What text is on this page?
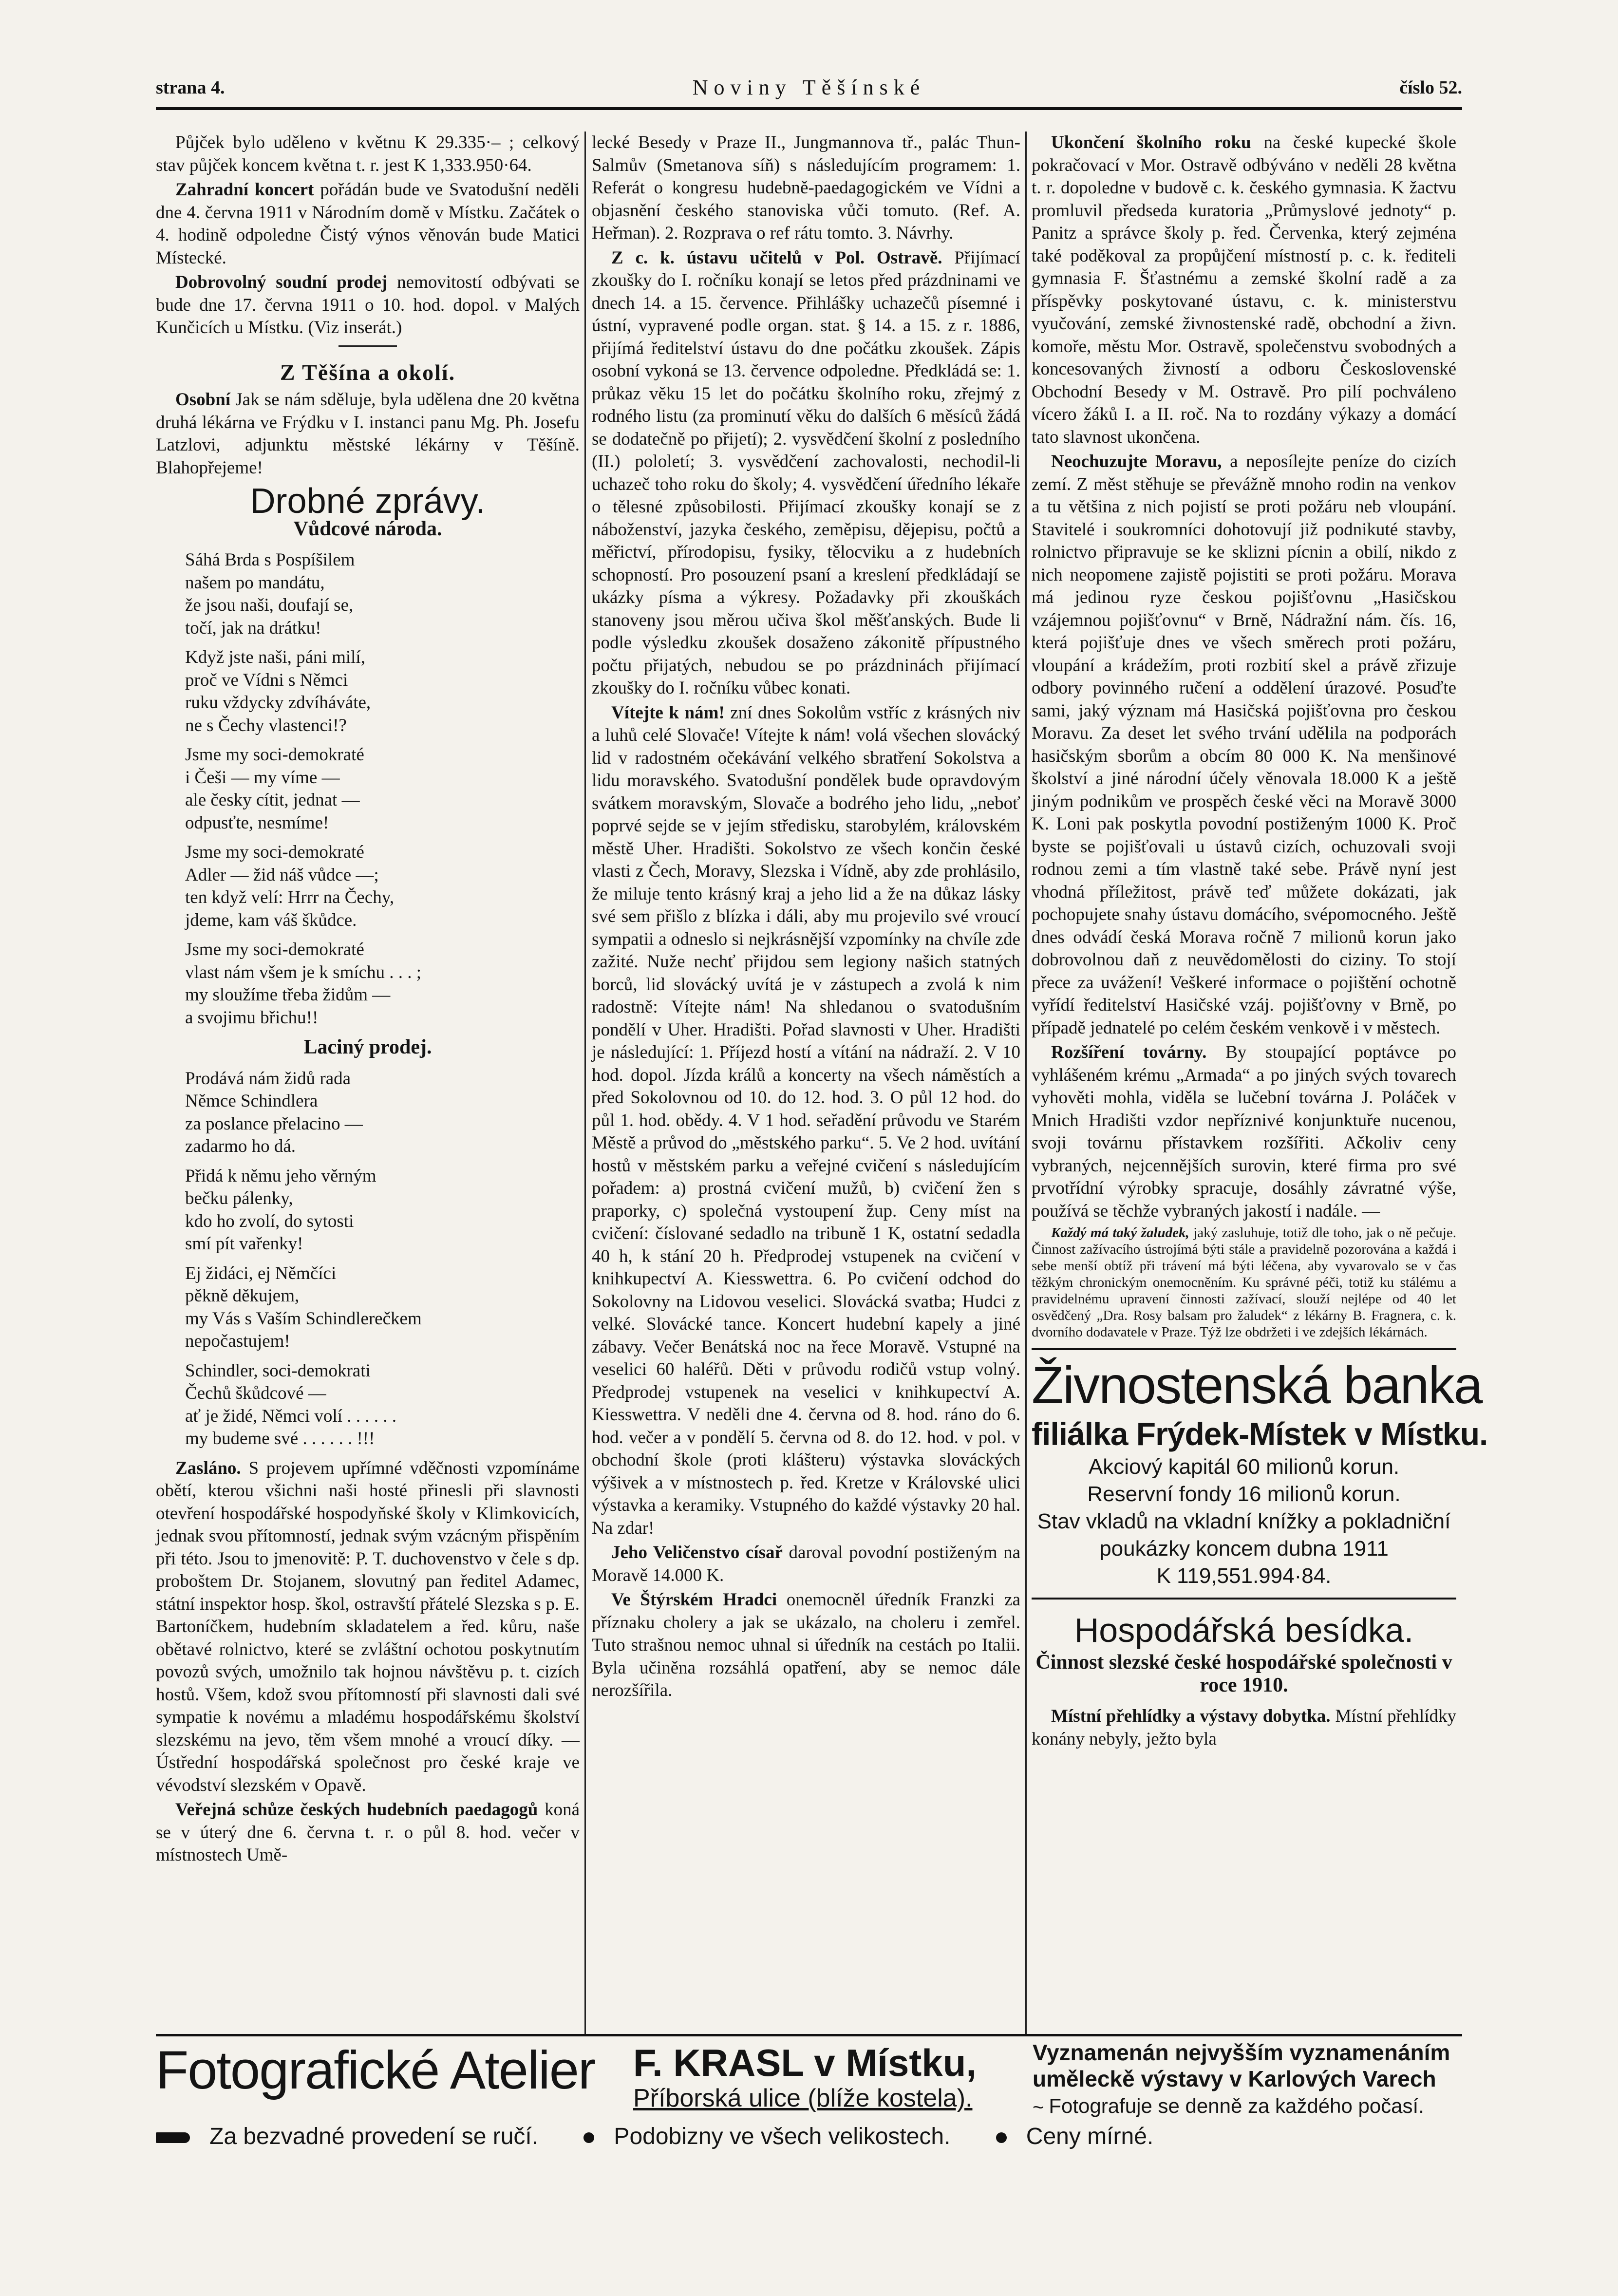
strana 4.	Noviny Těšínské	číslo 52.

Půjček bylo uděleno v květnu K 29.335·– ; celkový stav půjček koncem května t. r. jest K 1,333.950·64.

Zahradní koncert pořádán bude ve Svatodušní neděli dne 4. června 1911 v Národním domě v Místku. Začátek o 4. hodině odpoledne Čistý výnos věnován bude Matici Místecké.

Dobrovolný soudní prodej nemovitostí odbývati se bude dne 17. června 1911 o 10. hod. dopol. v Malých Kunčicích u Místku. (Viz inserát.)

Z Těšína a okolí.

Osobní Jak se nám sděluje, byla udělena dne 20 května druhá lékárna ve Frýdku v I. instanci panu Mg. Ph. Josefu Latzlovi, adjunktu městské lékárny v Těšíně. Blahopřejeme!

Drobné zprávy.
Vůdcové národa.
Sáhá Brda s Pospíšilem
našem po mandátu,
že jsou naši, doufají se,
točí, jak na drátku!
Když jste naši, páni milí,
proč ve Vídni s Němci
ruku vždycky zdvíháváte,
ne s Čechy vlastenci!?
Jsme my soci-demokraté
i Češi — my víme —
ale česky cítit, jednat —
odpusťte, nesmíme!
Jsme my soci-demokraté
Adler — žid náš vůdce —;
ten když velí: Hrrr na Čechy,
jdeme, kam váš škůdce.
Jsme my soci-demokraté
vlast nám všem je k smíchu . . . ;
my sloužíme třeba židům —
a svojimu břichu!!
Laciný prodej.
Prodává nám židů rada
Němce Schindlera
za poslance přelacino —
zadarmo ho dá.
Přidá k němu jeho věrným
bečku pálenky,
kdo ho zvolí, do sytosti
smí pít vařenky!
Ej židáci, ej Němčíci
pěkně děkujem,
my Vás s Vaším Schindlerečkem
nepočastujem!
Schindler, soci-demokrati
Čechů škůdcové —
ať je židé, Němci volí . . . . . .
my budeme své . . . . . . !!!

Zasláno. S projevem upřímné vděčnosti vzpomínáme obětí, kterou všichni naši hosté přinesli při slavnosti otevření hospodářské hospodyňské školy v Klimkovicích, jednak svou přítomností, jednak svým vzácným přispěním při této. Jsou to jmenovitě: P. T. duchovenstvo v čele s dp. proboštem Dr. Stojanem, slovutný pan ředitel Adamec, státní inspektor hosp. škol, ostravští přátelé Slezska s p. E. Bartoníčkem, hudebním skladatelem a řed. kůru, naše obětavé rolnictvo, které se zvláštní ochotou poskytnutím povozů svých, umožnilo tak hojnou návštěvu p. t. cizích hostů. Všem, kdož svou přítomností při slavnosti dali své sympatie k novému a mladému hospodářskému školství slezskému na jevo, těm všem mnohé a vroucí díky. — Ústřední hospodářská společnost pro české kraje ve vévodství slezském v Opavě.

Veřejná schůze českých hudebních paedagogů koná se v úterý dne 6. června t. r. o půl 8. hod. večer v místnostech Umě-

lecké Besedy v Praze II., Jungmannova tř., palác Thun-Salmův (Smetanova síň) s následujícím programem: 1. Referát o kongresu hudebně-paedagogickém ve Vídni a objasnění českého stanoviska vůči tomuto. (Ref. A. Heřman). 2. Rozprava o ref rátu tomto. 3. Návrhy.

Z c. k. ústavu učitelů v Pol. Ostravě. Přijímací zkoušky do I. ročníku konají se letos před prázdninami ve dnech 14. a 15. července. Přihlášky uchazečů písemné i ústní, vypravené podle organ. stat. § 14. a 15. z r. 1886, přijímá ředitelství ústavu do dne počátku zkoušek. Zápis osobní vykoná se 13. července odpoledne. Předkládá se: 1. průkaz věku 15 let do počátku školního roku, zřejmý z rodného listu (za prominutí věku do dalších 6 měsíců žádá se dodatečně po přijetí); 2. vysvědčení školní z posledního (II.) pololetí; 3. vysvědčení zachovalosti, nechodil-li uchazeč toho roku do školy; 4. vysvědčení úředního lékaře o tělesné způsobilosti. Přijímací zkoušky konají se z náboženství, jazyka českého, zeměpisu, dějepisu, počtů a měřictví, přírodopisu, fysiky, tělocviku a z hudebních schopností. Pro posouzení psaní a kreslení předkládají se ukázky písma a výkresy. Požadavky při zkouškách stanoveny jsou měrou učiva škol měšťanských. Bude li podle výsledku zkoušek dosaženo zákonitě přípustného počtu přijatých, nebudou se po prázdninách přijímací zkoušky do I. ročníku vůbec konati.

Vítejte k nám! zní dnes Sokolům vstříc z krásných niv a luhů celé Slovače! Vítejte k nám! volá všechen slovácký lid v radostném očekávání velkého sbratření Sokolstva a lidu moravského. Svatodušní pondělek bude opravdovým svátkem moravským, Slovače a bodrého jeho lidu, „neboť poprvé sejde se v jejím středisku, starobylém, královském městě Uher. Hradišti. Sokolstvo ze všech končin české vlasti z Čech, Moravy, Slezska i Vídně, aby zde prohlásilo, že miluje tento krásný kraj a jeho lid a že na důkaz lásky své sem přišlo z blízka i dáli, aby mu projevilo své vroucí sympatii a odneslo si nejkrásnější vzpomínky na chvíle zde zažité. Nuže nechť přijdou sem legiony našich statných borců, lid slovácký uvítá je v zástupech a zvolá k nim radostně: Vítejte nám! Na shledanou o svatodušním pondělí v Uher. Hradišti. Pořad slavnosti v Uher. Hradišti je následující: 1. Příjezd hostí a vítání na nádraží. 2. V 10 hod. dopol. Jízda králů a koncerty na všech náměstích a před Sokolovnou od 10. do 12. hod. 3. O půl 12 hod. do půl 1. hod. obědy. 4. V 1 hod. seřadění průvodu ve Starém Městě a průvod do „městského parku“. 5. Ve 2 hod. uvítání hostů v městském parku a veřejné cvičení s následujícím pořadem: a) prostná cvičení mužů, b) cvičení žen s praporky, c) společná vystoupení žup. Ceny míst na cvičení: číslované sedadlo na tribuně 1 K, ostatní sedadla 40 h, k stání 20 h. Předprodej vstupenek na cvičení v knihkupectví A. Kiesswettra. 6. Po cvičení odchod do Sokolovny na Lidovou veselici. Slovácká svatba; Hudci z velké. Slovácké tance. Koncert hudební kapely a jiné zábavy. Večer Benátská noc na řece Moravě. Vstupné na veselici 60 haléřů. Děti v průvodu rodičů vstup volný. Předprodej vstupenek na veselici v knihkupectví A. Kiesswettra. V neděli dne 4. června od 8. hod. ráno do 6. hod. večer a v pondělí 5. června od 8. do 12. hod. v pol. v obchodní škole (proti klášteru) výstavka slováckých výšivek a v místnostech p. řed. Kretze v Královské ulici výstavka a keramiky. Vstupného do každé výstavky 20 hal. Na zdar!

Jeho Veličenstvo císař daroval povodní postiženým na Moravě 14.000 K.

Ve Štýrském Hradci onemocněl úředník Franzki za příznaku cholery a jak se ukázalo, na choleru i zemřel. Tuto strašnou nemoc uhnal si úředník na cestách po Italii. Byla učiněna rozsáhlá opatření, aby se nemoc dále nerozšířila.

Ukončení školního roku na české kupecké škole pokračovací v Mor. Ostravě odbýváno v neděli 28 května t. r. dopoledne v budově c. k. českého gymnasia. K žactvu promluvil předseda kuratoria „Průmyslové jednoty“ p. Panitz a správce školy p. řed. Červenka, který zejména také poděkoval za propůjčení místností p. c. k. řediteli gymnasia F. Šťastnému a zemské školní radě a za příspěvky poskytované ústavu, c. k. ministerstvu vyučování, zemské živnostenské radě, obchodní a živn. komoře, městu Mor. Ostravě, společenstvu svobodných a koncesovaných živností a odboru Československé Obchodní Besedy v M. Ostravě. Pro pilí pochváleno vícero žáků I. a II. roč. Na to rozdány výkazy a domácí tato slavnost ukončena.

Neochuzujte Moravu, a neposílejte peníze do cizích zemí. Z měst stěhuje se převážně mnoho rodin na venkov a tu většina z nich pojistí se proti požáru neb vloupání. Stavitelé i soukromníci dohotovují již podnikuté stavby, rolnictvo připravuje se ke sklizni pícnin a obilí, nikdo z nich neopomene zajistě pojistiti se proti požáru. Morava má jedinou ryze českou pojišťovnu „Hasičskou vzájemnou pojišťovnu“ v Brně, Nádražní nám. čís. 16, která pojišťuje dnes ve všech směrech proti požáru, vloupání a krádežím, proti rozbití skel a právě zřizuje odbory povinného ručení a oddělení úrazové. Posuďte sami, jaký význam má Hasičská pojišťovna pro českou Moravu. Za deset let svého trvání udělila na podporách hasičským sborům a obcím 80 000 K. Na menšinové školství a jiné národní účely věnovala 18.000 K a ještě jiným podnikům ve prospěch české věci na Moravě 3000 K. Loni pak poskytla povodní postiženým 1000 K. Proč byste se pojišťovali u ústavů cizích, ochuzovali svoji rodnou zemi a tím vlastně také sebe. Právě nyní jest vhodná příležitost, právě teď můžete dokázati, jak pochopujete snahy ústavu domácího, svépomocného. Ještě dnes odvádí česká Morava ročně 7 milionů korun jako dobrovolnou daň z neuvědomělosti do ciziny. To stojí přece za uvážení! Veškeré informace o pojištění ochotně vyřídí ředitelství Hasičské vzáj. pojišťovny v Brně, po případě jednatelé po celém českém venkově i v městech.

Rozšíření továrny. By stoupající poptávce po vyhlášeném krému „Armada“ a po jiných svých tovarech vyhověti mohla, viděla se lučební továrna J. Poláček v Mnich Hradišti vzdor nepříznivé konjunktuře nucenou, svoji továrnu přístavkem rozšířiti. Ačkoliv ceny vybraných, nejcennějších surovin, které firma pro své prvotřídní výrobky spracuje, dosáhly závratné výše, používá se těchže vybraných jakostí i nadále. —

Každý má taký žaludek, jaký zasluhuje, totiž dle toho, jak o ně pečuje. Činnost zažívacího ústrojímá býti stále a pravidelně pozorována a každá i sebe menší obtíž při trávení má býti léčena, aby vyvarovalo se v čas těžkým chronickým onemocněním. Ku správné péči, totiž ku stálému a pravidelnému upravení činnosti zažívací, slouží nejlépe od 40 let osvědčený „Dra. Rosy balsam pro žaludek“ z lékárny B. Fragnera, c. k. dvorního dodavatele v Praze. Týž lze obdržeti i ve zdejších lékárnách.

Živnostenská banka
filiálka Frýdek-Místek v Místku.
Akciový kapitál 60 milionů korun.
Reservní fondy 16 milionů korun.
Stav vkladů na vkladní knížky a pokladniční poukázky koncem dubna 1911
K 119,551.994·84.
Hospodářská besídka.
Činnost slezské české hospodářské společnosti v roce 1910.

Místní přehlídky a výstavy dobytka. Místní přehlídky konány nebyly, ježto byla

Fotografické Atelier F. KRASL v Místku,
Příborská ulice (blíže kostela).
Vyznamenán nejvyšším vyznamenáním
uměleckě výstavy v Karlových Varech
~ Fotografuje se denně za každého počasí.
Za bezvadné provedení se ručí.	Podobizny ve všech velikostech.	Ceny mírné.
